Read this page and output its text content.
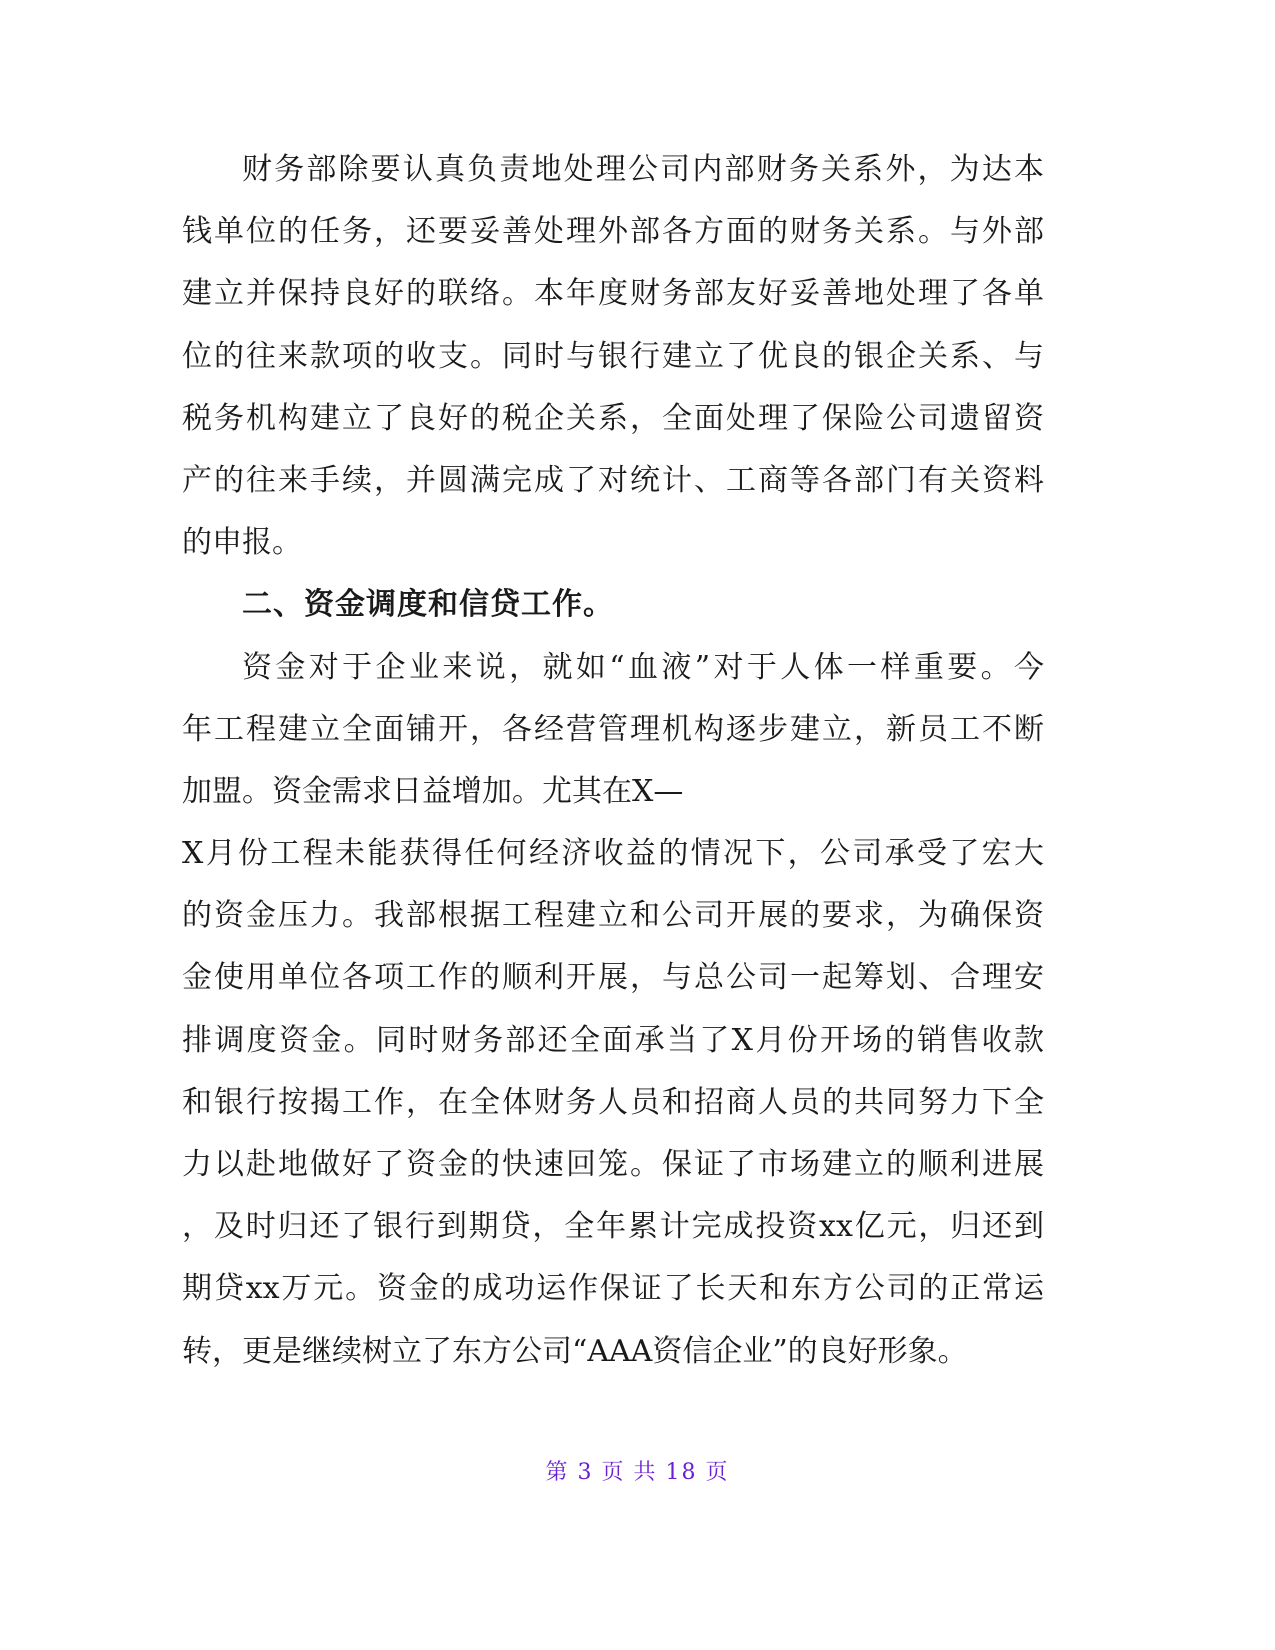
财务部除要认真负责地处理公司内部财务关系外，为达本
钱单位的任务，还要妥善处理外部各方面的财务关系。与外部
建立并保持良好的联络。本年度财务部友好妥善地处理了各单
位的往来款项的收支。同时与银行建立了优良的银企关系、与
税务机构建立了良好的税企关系，全面处理了保险公司遗留资
产的往来手续，并圆满完成了对统计、工商等各部门有关资料
的申报。
二、资金调度和信贷工作。
资金对于企业来说，就如“血液”对于人体一样重要。今
年工程建立全面铺开，各经营管理机构逐步建立，新员工不断
加盟。资金需求日益增加。尤其在X—
X月份工程未能获得任何经济收益的情况下，公司承受了宏大
的资金压力。我部根据工程建立和公司开展的要求，为确保资
金使用单位各项工作的顺利开展，与总公司一起筹划、合理安
排调度资金。同时财务部还全面承当了X月份开场的销售收款
和银行按揭工作，在全体财务人员和招商人员的共同努力下全
力以赴地做好了资金的快速回笼。保证了市场建立的顺利进展
，及时归还了银行到期贷，全年累计完成投资xx亿元，归还到
期贷xx万元。资金的成功运作保证了长天和东方公司的正常运
转，更是继续树立了东方公司“AAA资信企业”的良好形象。
第 3 页 共 18 页
